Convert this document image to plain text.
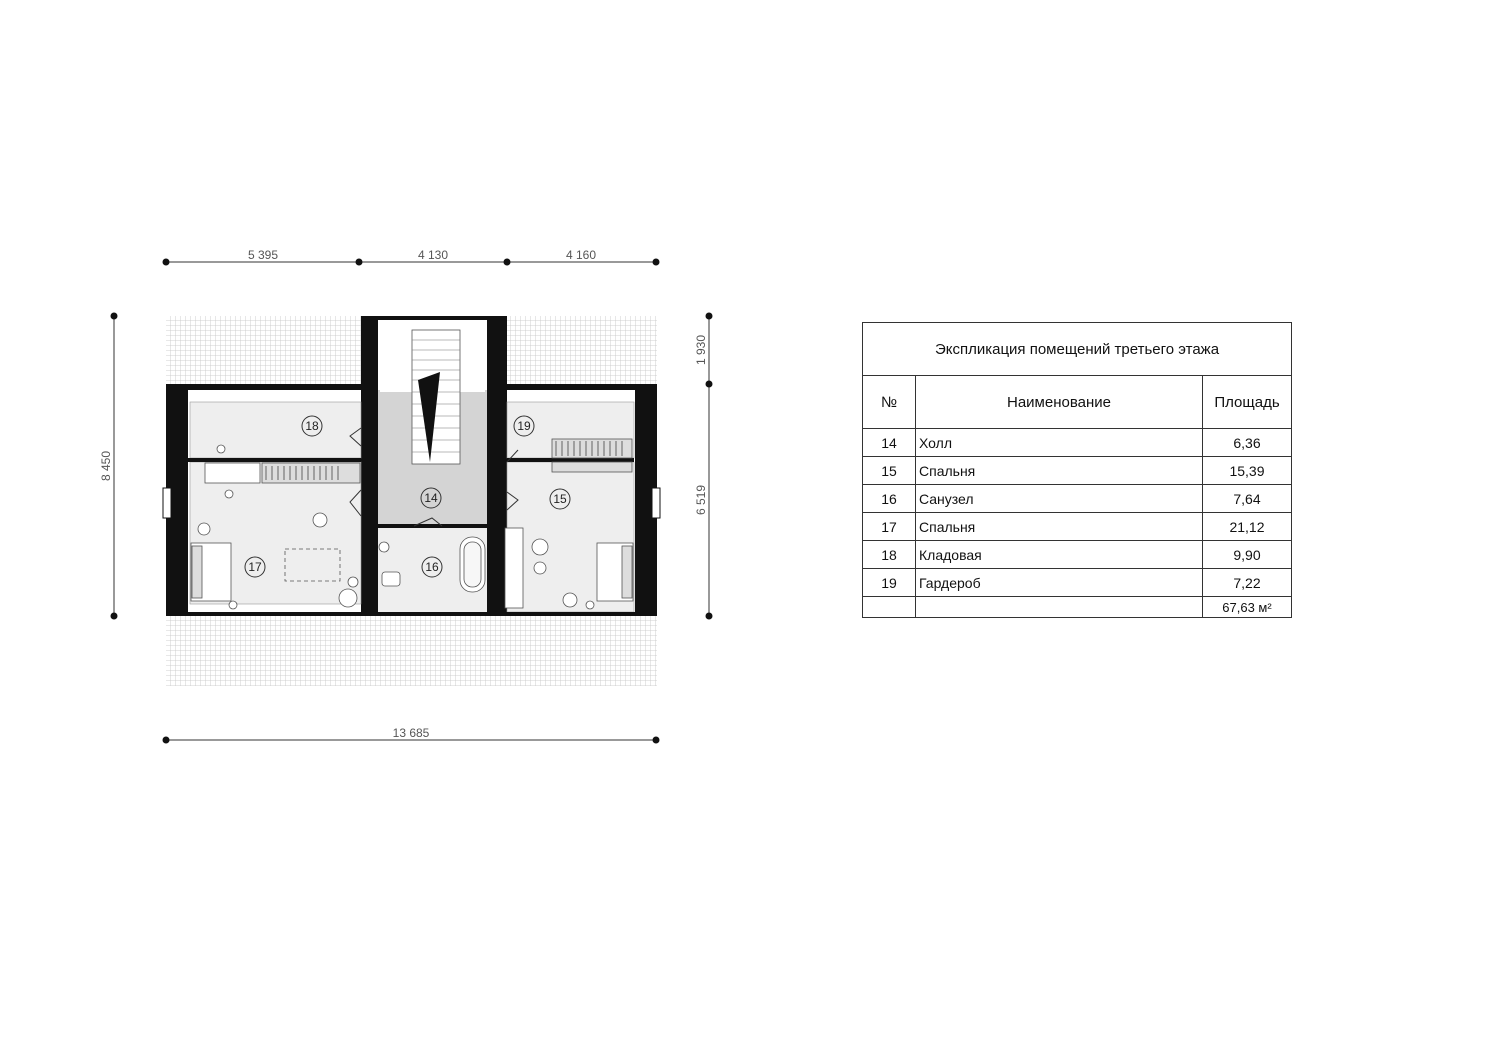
14	15
16
17
18	19
5 395	4 130	4 160
13 685
8 450
1 930
6 519
Экспликация помещений третьего этажа		
№	Наименование	Площадь
14	Холл	6,36
15	Спальня	15,39
16	Санузел	7,64
17	Спальня	21,12
18	Кладовая	9,90
19	Гардероб	7,22
		67,63 м²
